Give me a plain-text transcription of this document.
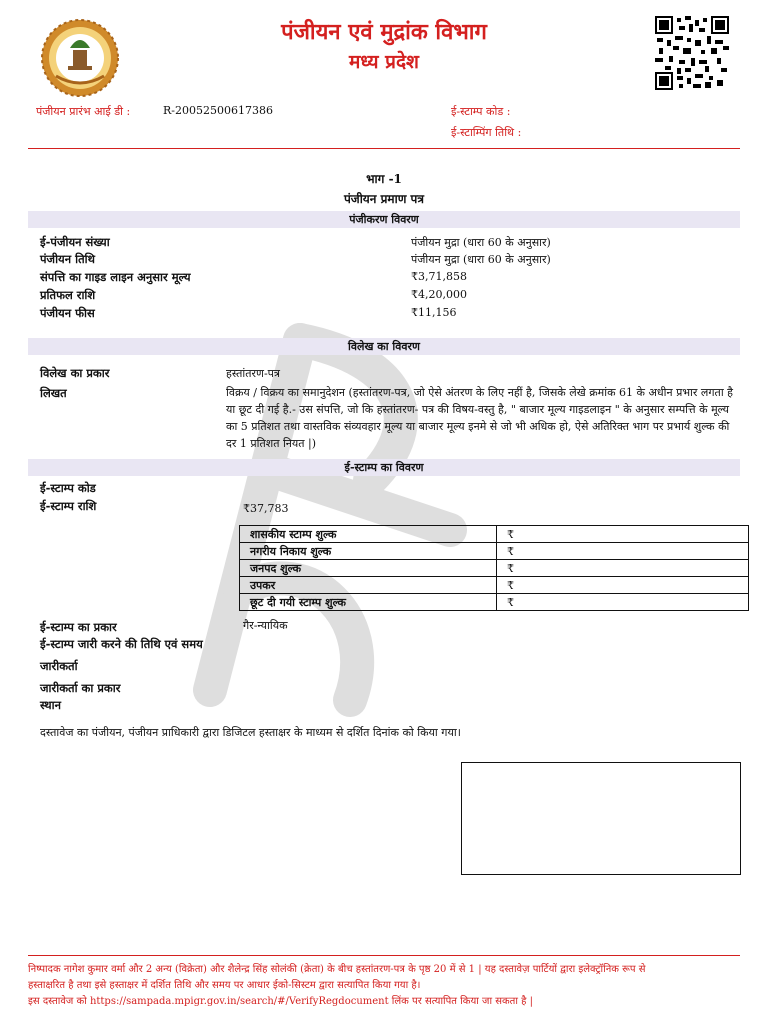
पंजीयन एवं मुद्रांक विभाग
मध्य प्रदेश
पंजीयन प्रारंभ आई डी :	R-20052500617386	ई-स्टाम्प कोड :
ई-स्टाम्पिंग तिथि :
भाग -1
पंजीयन प्रमाण पत्र
पंजीकरण विवरण
ई-पंजीयन संख्या	पंजीयन मुद्रा (धारा 60 के अनुसार)
पंजीयन तिथि	पंजीयन मुद्रा (धारा 60 के अनुसार)
संपत्ति का गाइड लाइन अनुसार मूल्य	₹3,71,858
प्रतिफल राशि	₹4,20,000
पंजीयन फीस	₹11,156
विलेख का विवरण
विलेख का प्रकार	हस्तांतरण-पत्र
लिखत	विक्रय / विक्रय का समानुदेशन (हस्तांतरण-पत्र, जो ऐसे अंतरण के लिए नहीं है, जिसके लेखे क्रमांक 61 के अधीन प्रभार लगता है या छूट दी गई है.- उस संपत्ति, जो कि हस्तांतरण- पत्र की विषय-वस्तु है, " बाजार मूल्य गाइडलाइन " के अनुसार सम्पत्ति के मूल्य का 5 प्रतिशत तथा वास्तविक संव्यवहार मूल्य या बाजार मूल्य इनमे से जो भी अधिक हो, ऐसे अतिरिक्त भाग पर प्रभार्य शुल्क की दर 1 प्रतिशत नियत |)
ई-स्टाम्प का विवरण
ई-स्टाम्प कोड
ई-स्टाम्प राशि	₹37,783
शासकीय स्टाम्प शुल्क	₹
नगरीय निकाय शुल्क	₹
जनपद शुल्क	₹
उपकर	₹
छूट दी गयी स्टाम्प शुल्क	₹
ई-स्टाम्प का प्रकार	गैर-न्यायिक
ई-स्टाम्प जारी करने की तिथि एवं समय
जारीकर्ता
जारीकर्ता का प्रकार
स्थान
दस्तावेज का पंजीयन, पंजीयन प्राधिकारी द्वारा डिजिटल हस्ताक्षर के माध्यम से दर्शित दिनांक को किया गया।
निष्पादक नागेश कुमार वर्मा और 2 अन्य (विक्रेता) और शैलेन्द्र सिंह सोलंकी (क्रेता) के बीच हस्तांतरण-पत्र के पृष्ठ 20 में से 1 | यह दस्तावेज़ पार्टियों द्वारा इलेक्ट्रॉनिक रूप से
हस्ताक्षरित है तथा इसे हस्ताक्षर में दर्शित तिथि और समय पर आधार ईको-सिस्टम द्वारा सत्यापित किया गया है।
इस दस्तावेज को https://sampada.mpigr.gov.in/search/#/VerifyRegdocument लिंक पर सत्यापित किया जा सकता है |
